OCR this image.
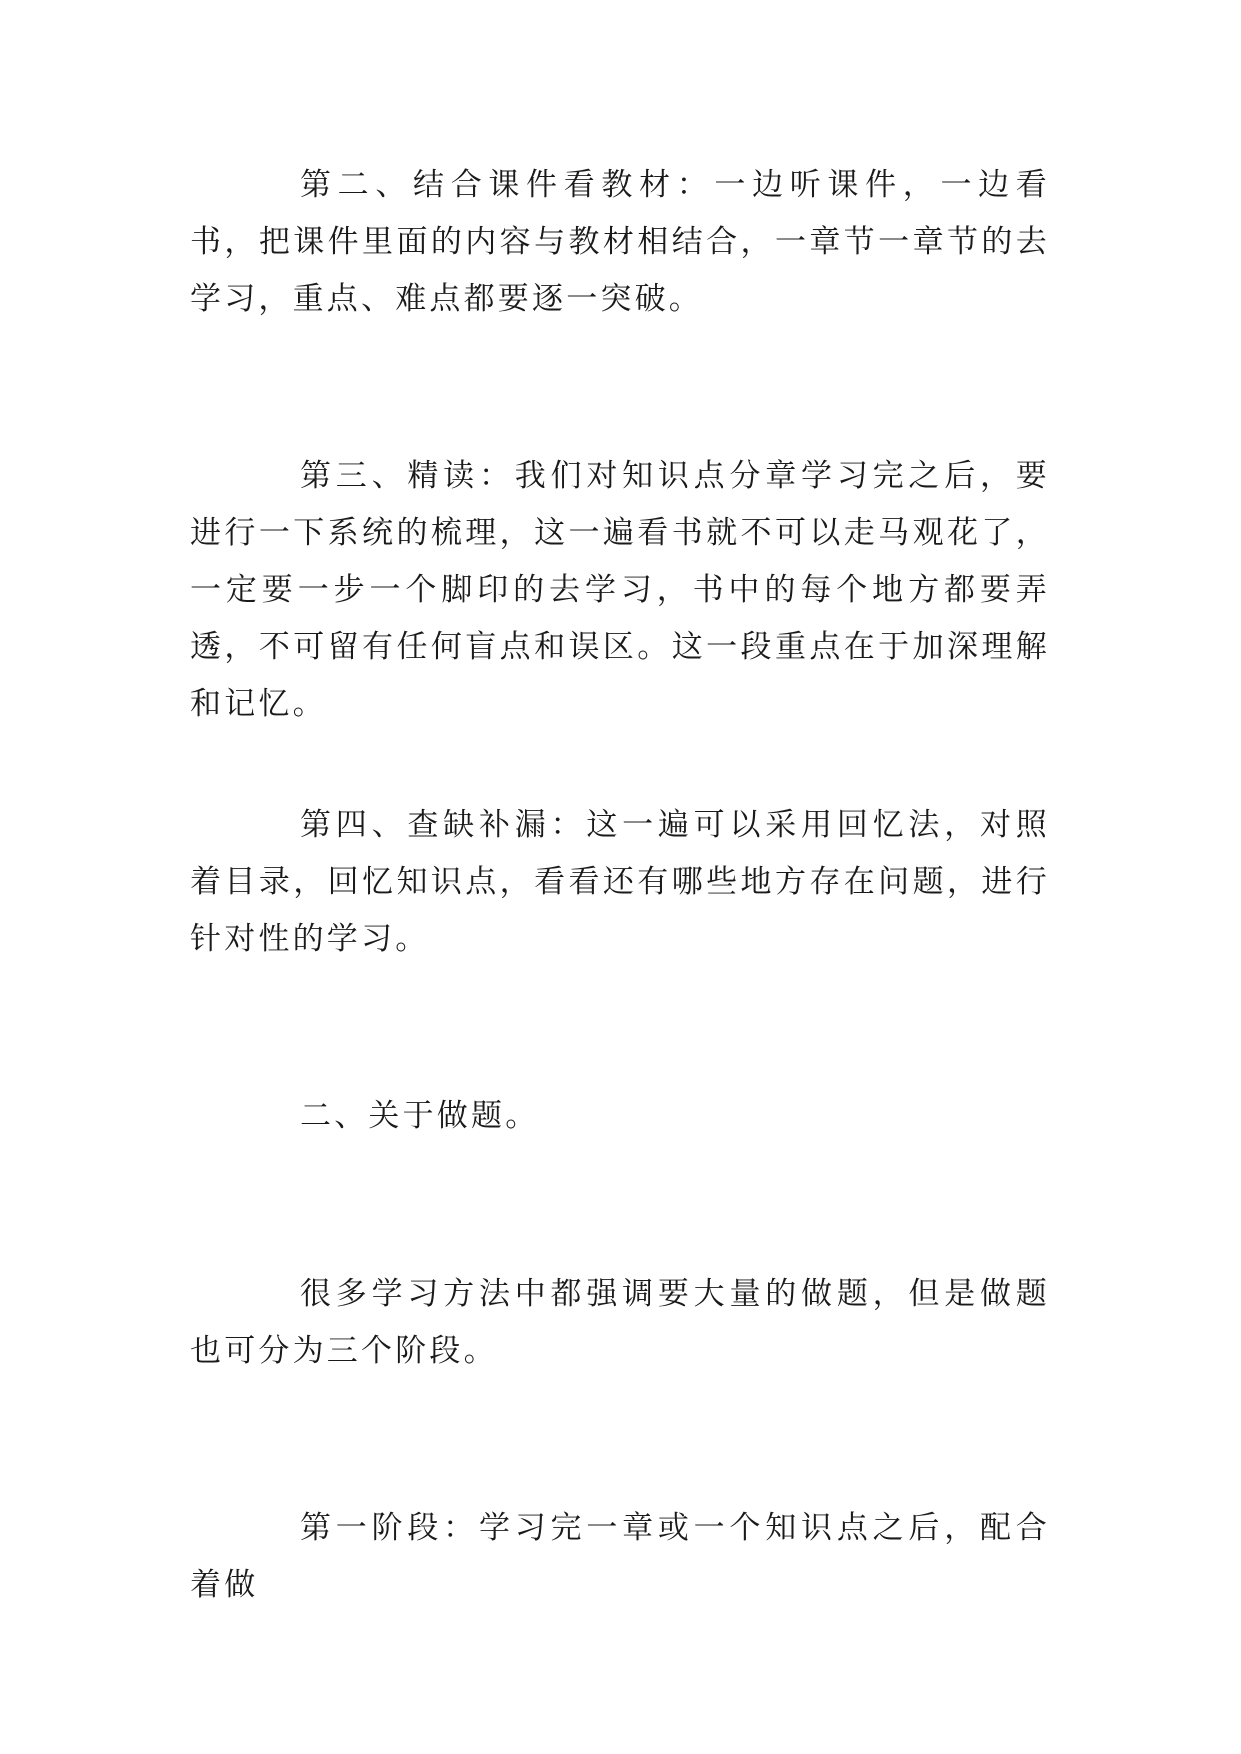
第二、结合课件看教材：一边听课件，一边看书，把课件里面的内容与教材相结合，一章节一章节的去学习，重点、难点都要逐一突破。

第三、精读：我们对知识点分章学习完之后，要进行一下系统的梳理，这一遍看书就不可以走马观花了，一定要一步一个脚印的去学习，书中的每个地方都要弄透，不可留有任何盲点和误区。这一段重点在于加深理解和记忆。

第四、查缺补漏：这一遍可以采用回忆法，对照着目录，回忆知识点，看看还有哪些地方存在问题，进行针对性的学习。

二、关于做题。

很多学习方法中都强调要大量的做题，但是做题也可分为三个阶段。

第一阶段：学习完一章或一个知识点之后，配合着做
